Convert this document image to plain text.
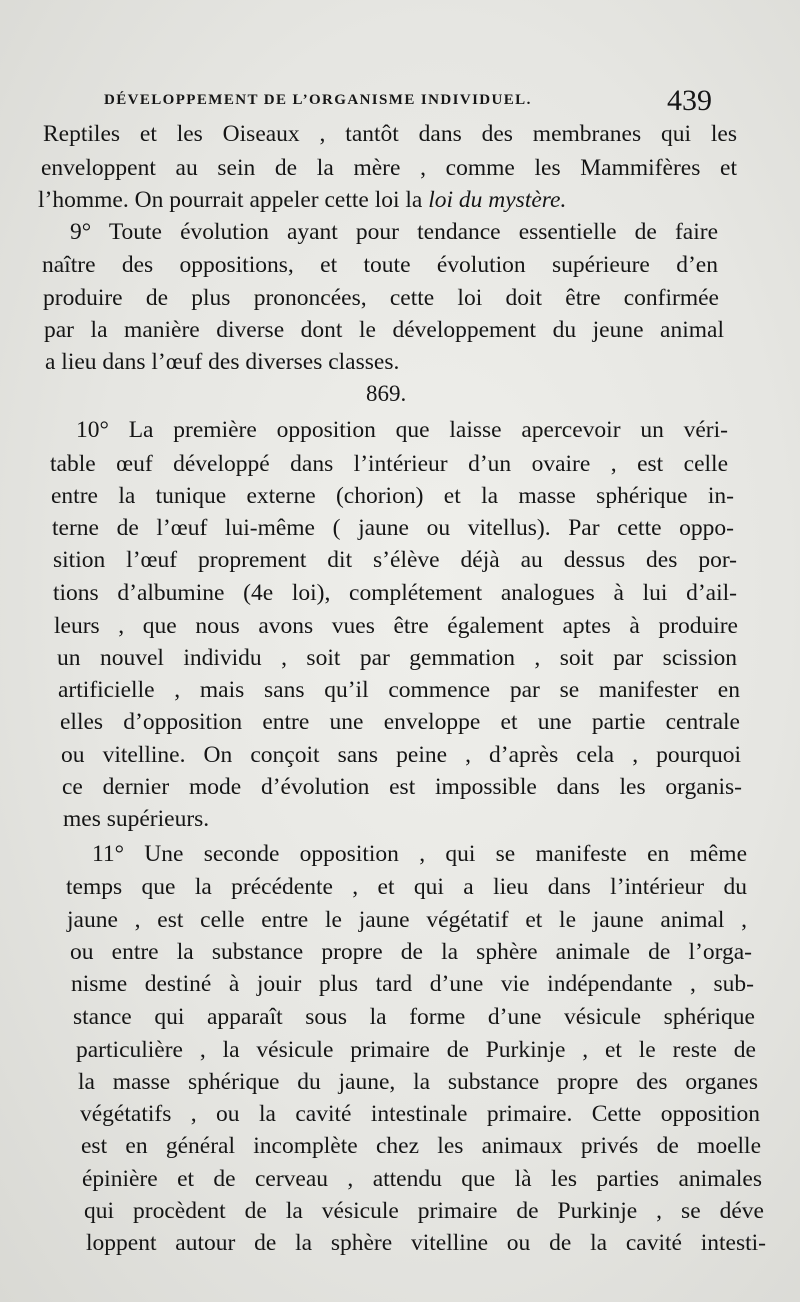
DÉVELOPPEMENT DE L’ORGANISME INDIVIDUEL.	439
Reptiles et les Oiseaux , tantôt dans des membranes qui les
enveloppent au sein de la mère , comme les Mammifères et
l’homme. On pourrait appeler cette loi la loi du mystère.
9° Toute évolution ayant pour tendance essentielle de faire
naître des oppositions, et toute évolution supérieure d’en
produire de plus prononcées, cette loi doit être confirmée
par la manière diverse dont le développement du jeune animal
a lieu dans l’œuf des diverses classes.
869.
10° La première opposition que laisse apercevoir un véri-
table œuf développé dans l’intérieur d’un ovaire , est celle
entre la tunique externe (chorion) et la masse sphérique in-
terne de l’œuf lui-même ( jaune ou vitellus). Par cette oppo-
sition l’œuf proprement dit s’élève déjà au dessus des por-
tions d’albumine (4e loi), complétement analogues à lui d’ail-
leurs , que nous avons vues être également aptes à produire
un nouvel individu , soit par gemmation , soit par scission
artificielle , mais sans qu’il commence par se manifester en
elles d’opposition entre une enveloppe et une partie centrale
ou vitelline. On conçoit sans peine , d’après cela , pourquoi
ce dernier mode d’évolution est impossible dans les organis-
mes supérieurs.
11° Une seconde opposition , qui se manifeste en même
temps que la précédente , et qui a lieu dans l’intérieur du
jaune , est celle entre le jaune végétatif et le jaune animal ,
ou entre la substance propre de la sphère animale de l’orga-
nisme destiné à jouir plus tard d’une vie indépendante , sub-
stance qui apparaît sous la forme d’une vésicule sphérique
particulière , la vésicule primaire de Purkinje , et le reste de
la masse sphérique du jaune, la substance propre des organes
végétatifs , ou la cavité intestinale primaire. Cette opposition
est en général incomplète chez les animaux privés de moelle
épinière et de cerveau , attendu que là les parties animales
qui procèdent de la vésicule primaire de Purkinje , se déve
loppent autour de la sphère vitelline ou de la cavité intesti-
